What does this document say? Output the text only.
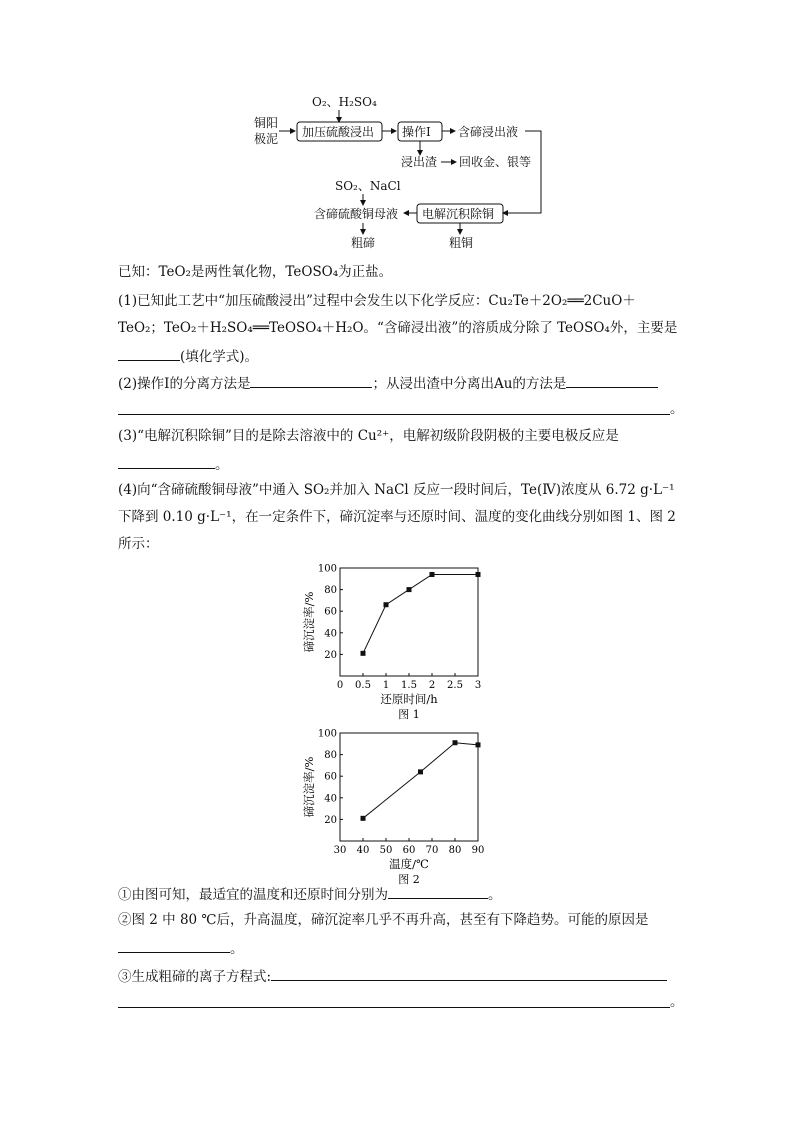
O₂、H₂SO₄
铜阳
极泥 加压硫酸浸出 操作Ⅰ 含碲浸出液
浸出渣 回收金、银等
SO₂、NaCl
电解沉积除铜
含碲硫酸铜母液
粗碲	粗铜
已知：TeO₂是两性氧化物，TeOSO₄为正盐。
(1)已知此工艺中“加压硫酸浸出”过程中会发生以下化学反应：Cu₂Te＋2O₂══2CuO＋
TeO₂；TeO₂＋H₂SO₄══TeOSO₄＋H₂O。“含碲浸出液”的溶质成分除了 TeOSO₄外，主要是
(填化学式)。
(2)操作Ⅰ的分离方法是	；从浸出渣中分离出Au的方法是
。
(3)“电解沉积除铜”目的是除去溶液中的 Cu²⁺，电解初级阶段阴极的主要电极反应是
。
(4)向“含碲硫酸铜母液”中通入 SO₂并加入 NaCl 反应一段时间后，Te(Ⅳ)浓度从 6.72 g·L⁻¹
下降到 0.10 g·L⁻¹，在一定条件下，碲沉淀率与还原时间、温度的变化曲线分别如图 1、图 2
所示：
0 0.5 1 1.5 2 2.5 3
20
40
60
80
100
还原时间/h
碲沉淀率/%
图 1
30 40 50 60 70 80 90
20
40
60
80
100
温度/℃
碲沉淀率/%
图 2
①由图可知，最适宜的温度和还原时间分别为	。
②图 2 中 80 ℃后，升高温度，碲沉淀率几乎不再升高，甚至有下降趋势。可能的原因是
。
③生成粗碲的离子方程式:
。
